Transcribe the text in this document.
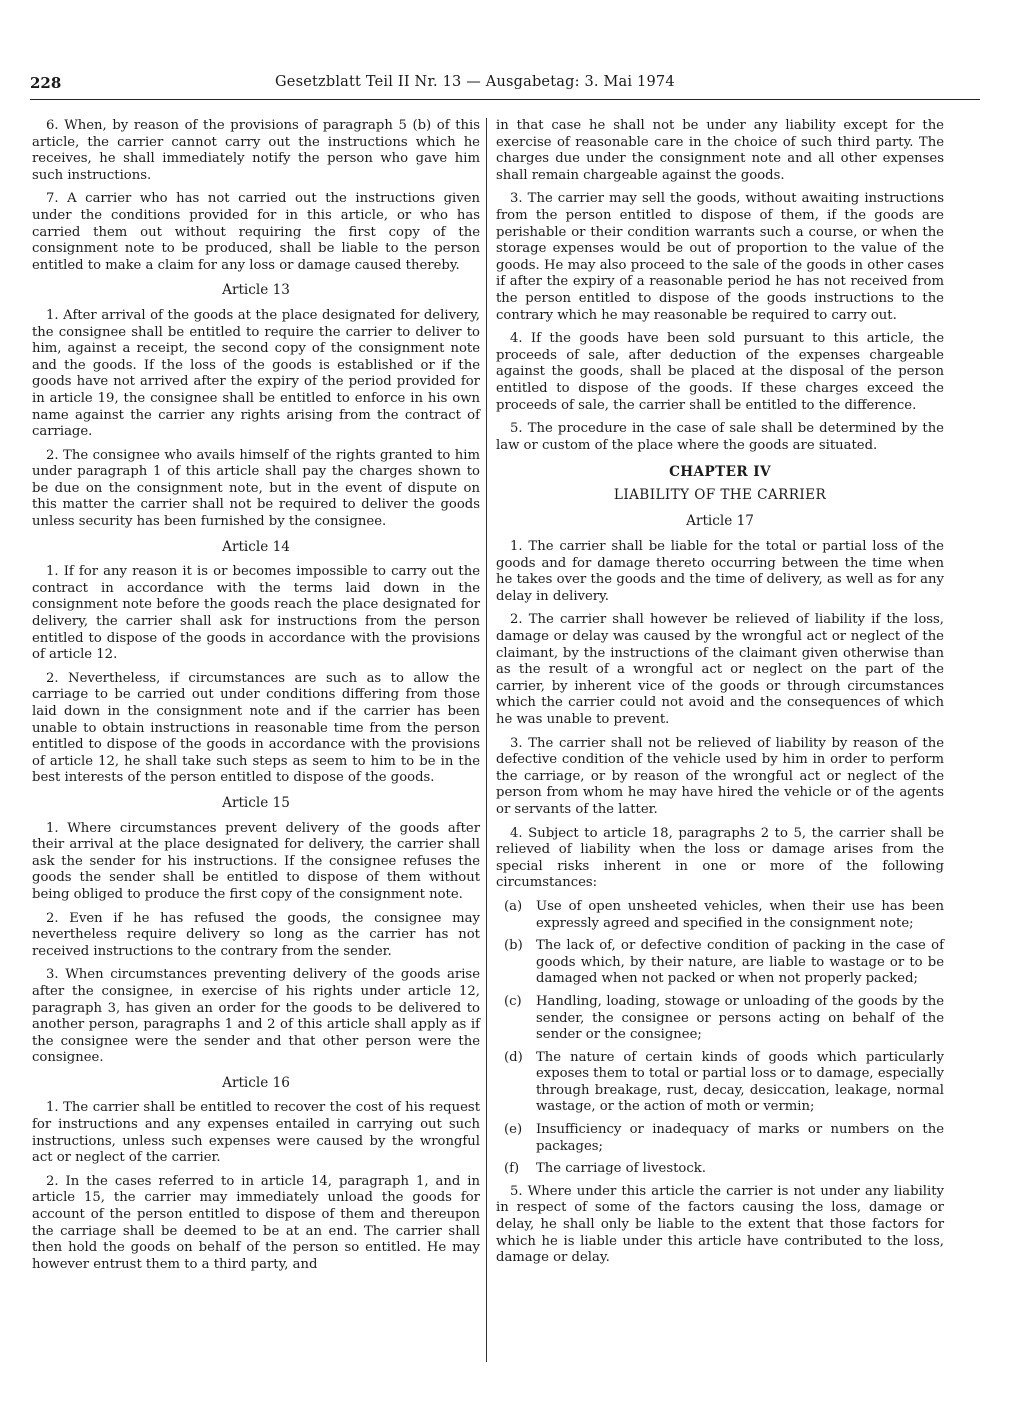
228	Gesetzblatt Teil II Nr. 13 — Ausgabetag: 3. Mai 1974

6. When, by reason of the provisions of paragraph 5 (b) of this article, the carrier cannot carry out the instructions which he receives, he shall immediately notify the person who gave him such instructions.

7. A carrier who has not carried out the instructions given under the conditions provided for in this article, or who has carried them out without requiring the first copy of the consignment note to be produced, shall be liable to the person entitled to make a claim for any loss or damage caused thereby.

Article 13

1. After arrival of the goods at the place designated for delivery, the consignee shall be entitled to require the carrier to deliver to him, against a receipt, the second copy of the consignment note and the goods. If the loss of the goods is established or if the goods have not arrived after the expiry of the period provided for in article 19, the consignee shall be entitled to enforce in his own name against the carrier any rights arising from the contract of carriage.

2. The consignee who avails himself of the rights granted to him under paragraph 1 of this article shall pay the charges shown to be due on the consignment note, but in the event of dispute on this matter the carrier shall not be required to deliver the goods unless security has been furnished by the consignee.

Article 14

1. If for any reason it is or becomes impossible to carry out the contract in accordance with the terms laid down in the consignment note before the goods reach the place designated for delivery, the carrier shall ask for instructions from the person entitled to dispose of the goods in accordance with the provisions of article 12.

2. Nevertheless, if circumstances are such as to allow the carriage to be carried out under conditions differing from those laid down in the consignment note and if the carrier has been unable to obtain instructions in reasonable time from the person entitled to dispose of the goods in accordance with the provisions of article 12, he shall take such steps as seem to him to be in the best interests of the person entitled to dispose of the goods.

Article 15

1. Where circumstances prevent delivery of the goods after their arrival at the place designated for delivery, the carrier shall ask the sender for his instructions. If the consignee refuses the goods the sender shall be entitled to dispose of them without being obliged to produce the first copy of the consignment note.

2. Even if he has refused the goods, the consignee may nevertheless require delivery so long as the carrier has not received instructions to the contrary from the sender.

3. When circumstances preventing delivery of the goods arise after the consignee, in exercise of his rights under article 12, paragraph 3, has given an order for the goods to be delivered to another person, paragraphs 1 and 2 of this article shall apply as if the consignee were the sender and that other person were the consignee.

Article 16

1. The carrier shall be entitled to recover the cost of his request for instructions and any expenses entailed in carrying out such instructions, unless such expenses were caused by the wrongful act or neglect of the carrier.

2. In the cases referred to in article 14, paragraph 1, and in article 15, the carrier may immediately unload the goods for account of the person entitled to dispose of them and thereupon the carriage shall be deemed to be at an end. The carrier shall then hold the goods on behalf of the person so entitled. He may however entrust them to a third party, and

in that case he shall not be under any liability except for the exercise of reasonable care in the choice of such third party. The charges due under the consignment note and all other expenses shall remain chargeable against the goods.

3. The carrier may sell the goods, without awaiting instructions from the person entitled to dispose of them, if the goods are perishable or their condition warrants such a course, or when the storage expenses would be out of proportion to the value of the goods. He may also proceed to the sale of the goods in other cases if after the expiry of a reasonable period he has not received from the person entitled to dispose of the goods instructions to the contrary which he may reasonable be required to carry out.

4. If the goods have been sold pursuant to this article, the proceeds of sale, after deduction of the expenses chargeable against the goods, shall be placed at the disposal of the person entitled to dispose of the goods. If these charges exceed the proceeds of sale, the carrier shall be entitled to the difference.

5. The procedure in the case of sale shall be determined by the law or custom of the place where the goods are situated.

CHAPTER IV
LIABILITY OF THE CARRIER
Article 17

1. The carrier shall be liable for the total or partial loss of the goods and for damage thereto occurring between the time when he takes over the goods and the time of delivery, as well as for any delay in delivery.

2. The carrier shall however be relieved of liability if the loss, damage or delay was caused by the wrongful act or neglect of the claimant, by the instructions of the claimant given otherwise than as the result of a wrongful act or neglect on the part of the carrier, by inherent vice of the goods or through circumstances which the carrier could not avoid and the consequences of which he was unable to prevent.

3. The carrier shall not be relieved of liability by reason of the defective condition of the vehicle used by him in order to perform the carriage, or by reason of the wrongful act or neglect of the person from whom he may have hired the vehicle or of the agents or servants of the latter.

4. Subject to article 18, paragraphs 2 to 5, the carrier shall be relieved of liability when the loss or damage arises from the special risks inherent in one or more of the following circumstances:

(a)	Use of open unsheeted vehicles, when their use has been expressly agreed and specified in the consignment note;
(b)	The lack of, or defective condition of packing in the case of goods which, by their nature, are liable to wastage or to be damaged when not packed or when not properly packed;
(c)	Handling, loading, stowage or unloading of the goods by the sender, the consignee or persons acting on behalf of the sender or the consignee;
(d)	The nature of certain kinds of goods which particularly exposes them to total or partial loss or to damage, especially through breakage, rust, decay, desiccation, leakage, normal wastage, or the action of moth or vermin;
(e)	Insufficiency or inadequacy of marks or numbers on the packages;
(f)	The carriage of livestock.

5. Where under this article the carrier is not under any liability in respect of some of the factors causing the loss, damage or delay, he shall only be liable to the extent that those factors for which he is liable under this article have contributed to the loss, damage or delay.
